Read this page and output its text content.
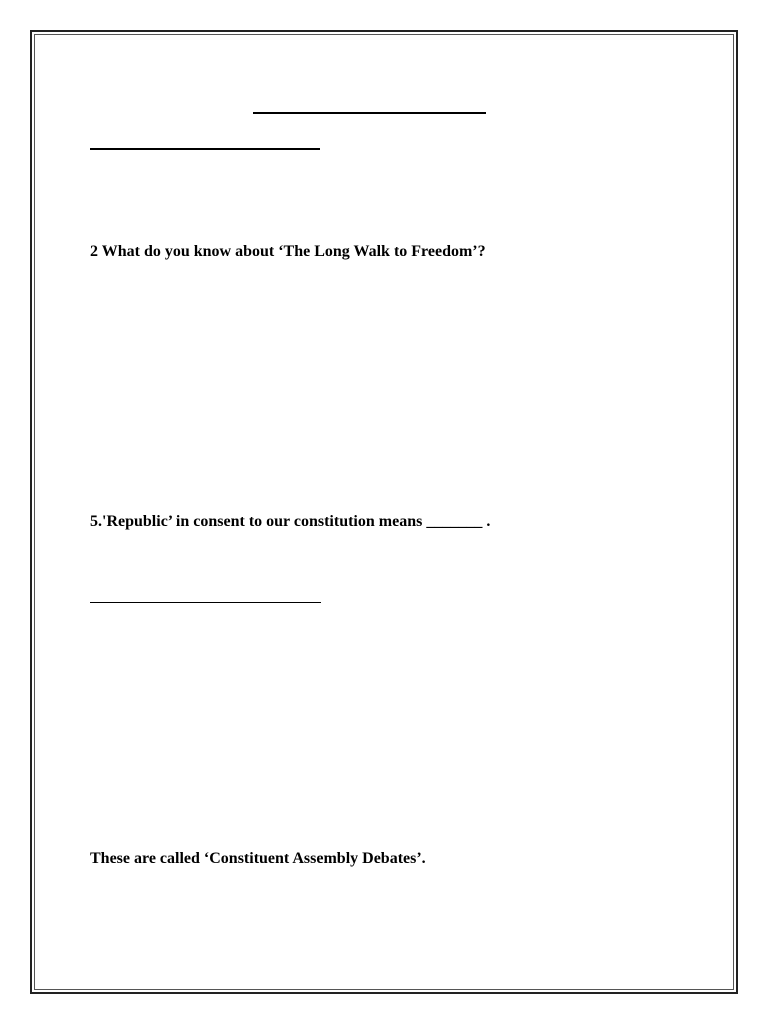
2 What do you know about ‘The Long Walk to Freedom’?
5.'Republic’ in consent to our constitution means _______ .
These are called ‘Constituent Assembly Debates’.
